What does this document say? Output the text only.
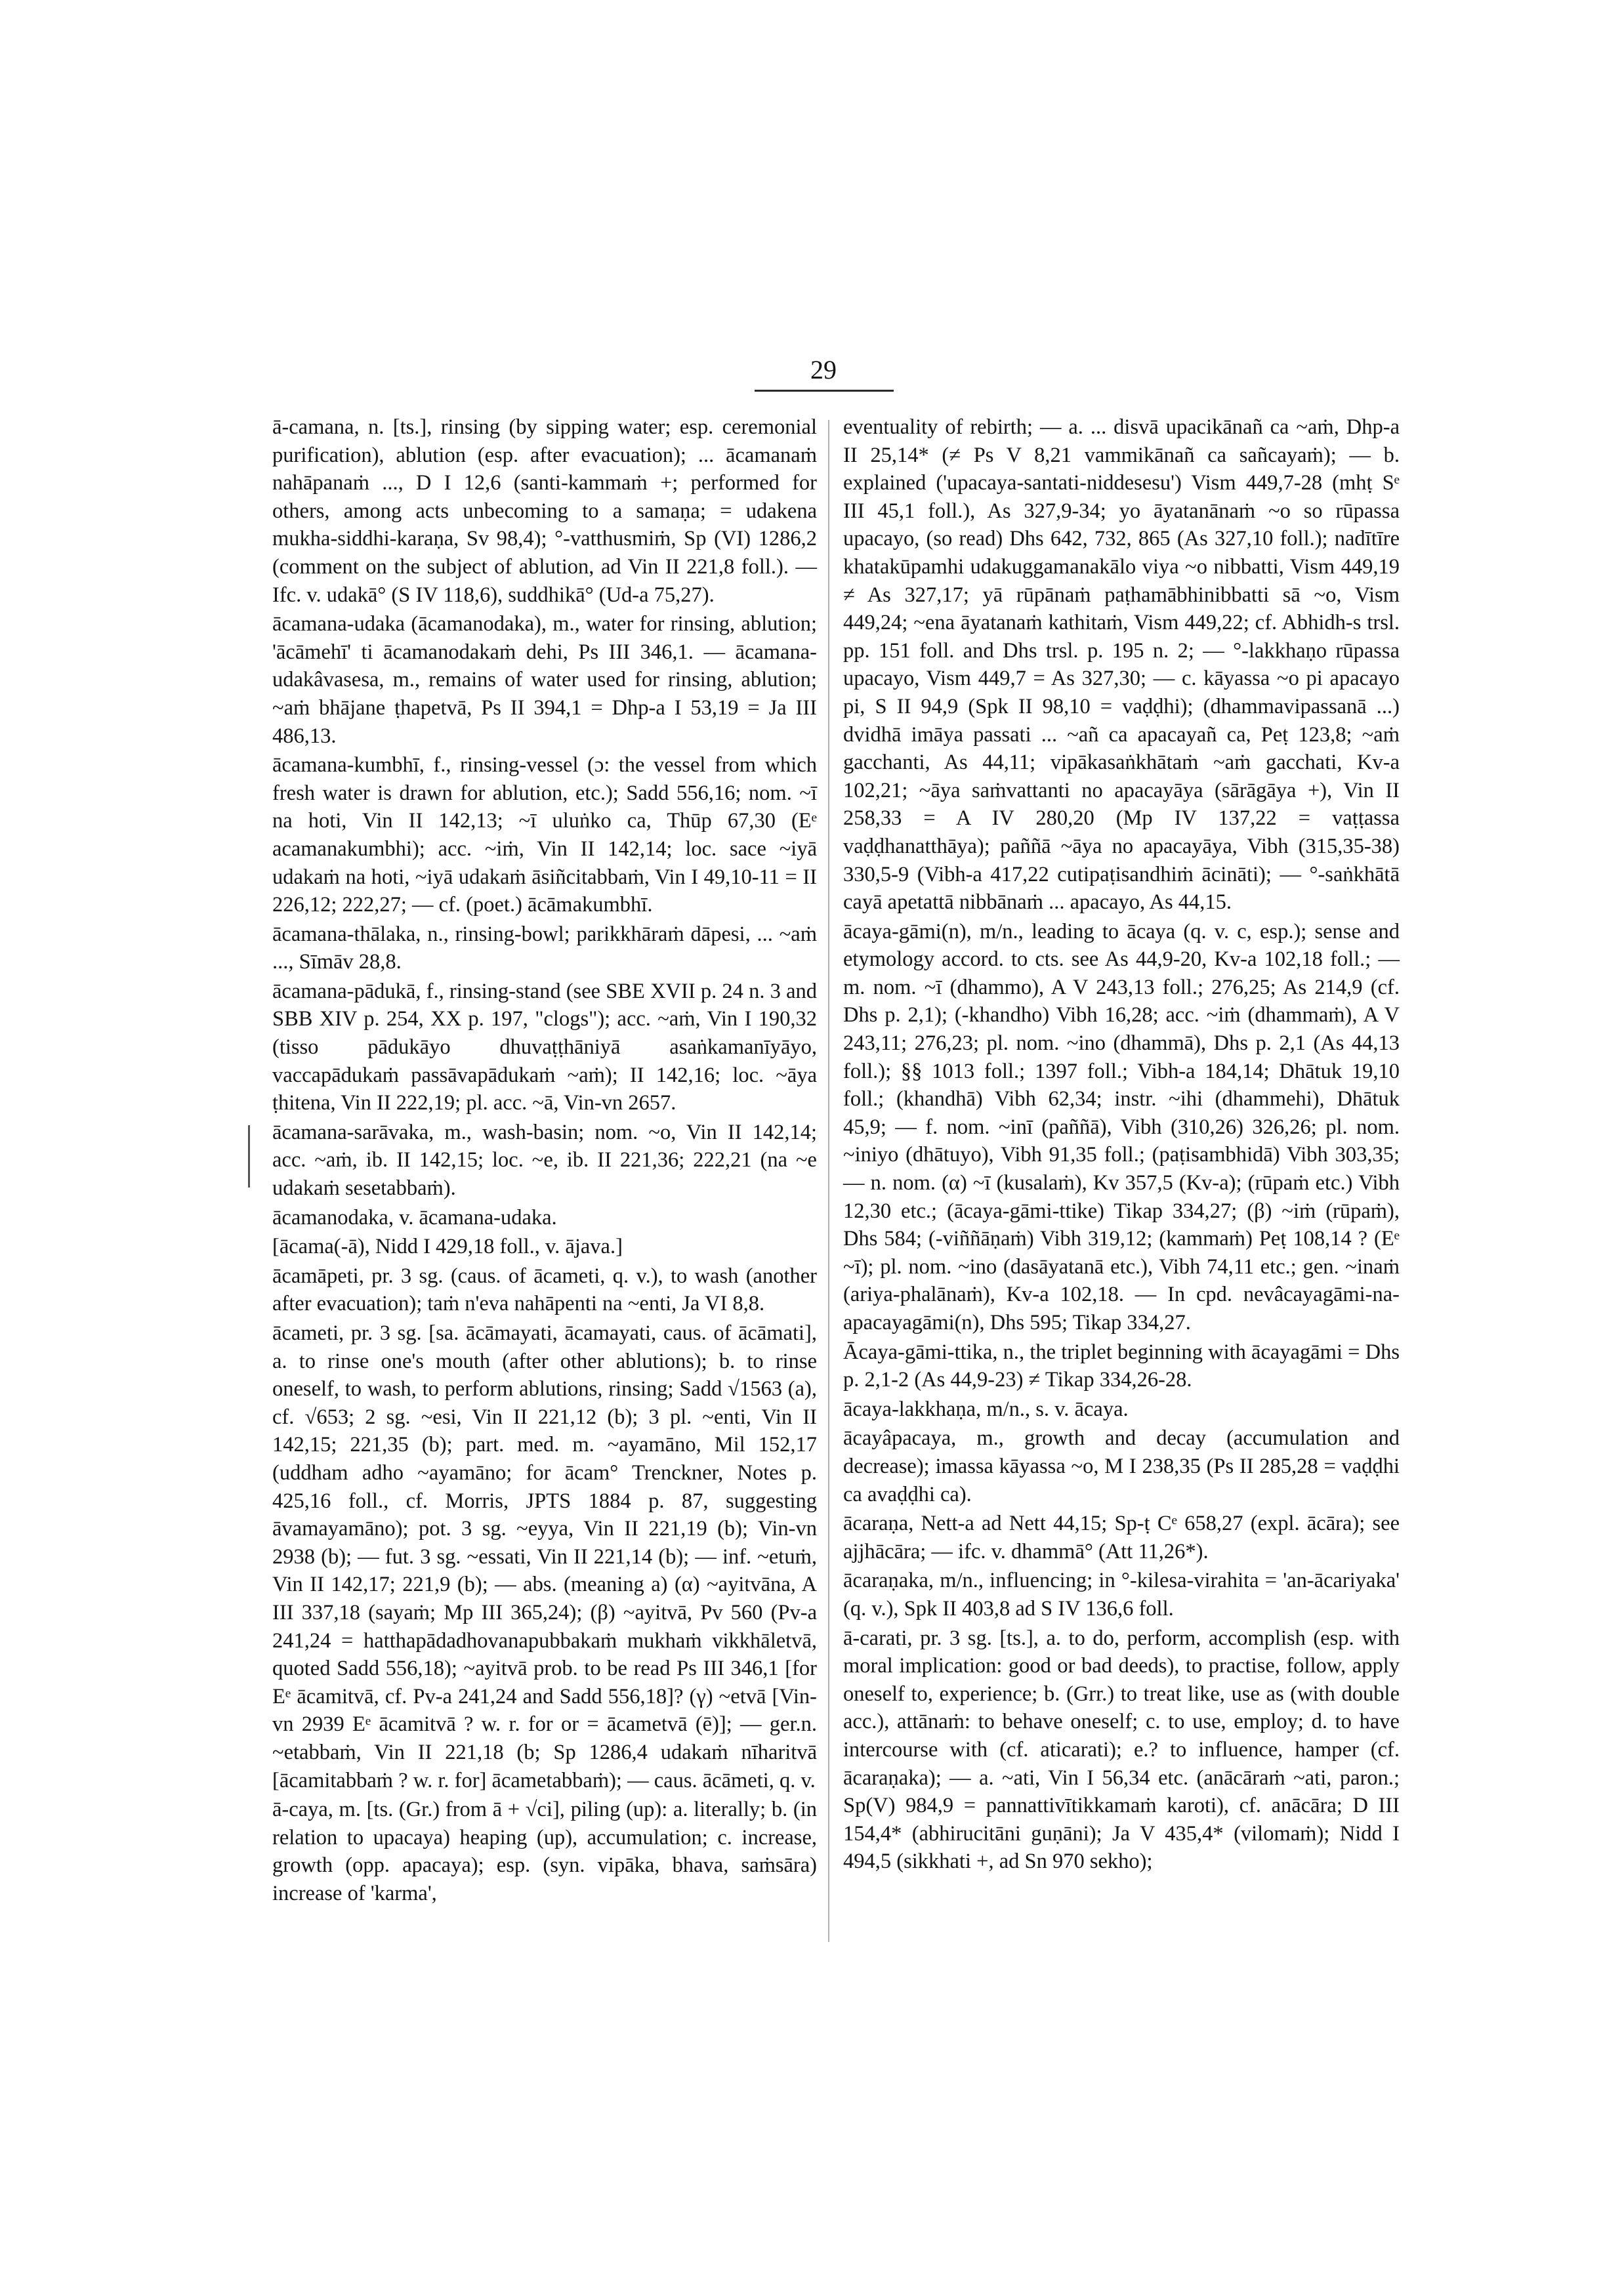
29

ā-camana, n. [ts.], rinsing (by sipping water; esp. ceremonial purification), ablution (esp. after evacuation); ... ācamanaṁ nahāpanaṁ ..., D I 12,6 (santi-kammaṁ +; performed for others, among acts unbecoming to a samaṇa; = udakena mukha-siddhi-karaṇa, Sv 98,4); °-vatthusmiṁ, Sp (VI) 1286,2 (comment on the subject of ablution, ad Vin II 221,8 foll.). — Ifc. v. udakā° (S IV 118,6), suddhikā° (Ud-a 75,27).

ācamana-udaka (ācamanodaka), m., water for rinsing, ablution; 'ācāmehī' ti ācamanodakaṁ dehi, Ps III 346,1. — ācamana-udakâvasesa, m., remains of water used for rinsing, ablution; ~aṁ bhājane ṭhapetvā, Ps II 394,1 = Dhp-a I 53,19 = Ja III 486,13.

ācamana-kumbhī, f., rinsing-vessel (ɔ: the vessel from which fresh water is drawn for ablution, etc.); Sadd 556,16; nom. ~ī na hoti, Vin II 142,13; ~ī uluṅko ca, Thūp 67,30 (Eᵉ acamanakumbhi); acc. ~iṁ, Vin II 142,14; loc. sace ~iyā udakaṁ na hoti, ~iyā udakaṁ āsiñcitabbaṁ, Vin I 49,10-11 = II 226,12; 222,27; — cf. (poet.) ācāmakumbhī.

ācamana-thālaka, n., rinsing-bowl; parikkhāraṁ dāpesi, ... ~aṁ ..., Sīmāv 28,8.

ācamana-pādukā, f., rinsing-stand (see SBE XVII p. 24 n. 3 and SBB XIV p. 254, XX p. 197, "clogs"); acc. ~aṁ, Vin I 190,32 (tisso pādukāyo dhuvaṭṭhāniyā asaṅkamanīyāyo, vaccapādukaṁ passāvapādukaṁ ~aṁ); II 142,16; loc. ~āya ṭhitena, Vin II 222,19; pl. acc. ~ā, Vin-vn 2657.

ācamana-sarāvaka, m., wash-basin; nom. ~o, Vin II 142,14; acc. ~aṁ, ib. II 142,15; loc. ~e, ib. II 221,36; 222,21 (na ~e udakaṁ sesetabbaṁ).

ācamanodaka, v. ācamana-udaka.

[ācama(-ā), Nidd I 429,18 foll., v. ājava.]

ācamāpeti, pr. 3 sg. (caus. of ācameti, q. v.), to wash (another after evacuation); taṁ n'eva nahāpenti na ~enti, Ja VI 8,8.

ācameti, pr. 3 sg. [sa. ācāmayati, ācamayati, caus. of ācāmati], a. to rinse one's mouth (after other ablutions); b. to rinse oneself, to wash, to perform ablutions, rinsing; Sadd √1563 (a), cf. √653; 2 sg. ~esi, Vin II 221,12 (b); 3 pl. ~enti, Vin II 142,15; 221,35 (b); part. med. m. ~ayamāno, Mil 152,17 (uddham adho ~ayamāno; for ācam° Trenckner, Notes p. 425,16 foll., cf. Morris, JPTS 1884 p. 87, suggesting āvamayamāno); pot. 3 sg. ~eyya, Vin II 221,19 (b); Vin-vn 2938 (b); — fut. 3 sg. ~essati, Vin II 221,14 (b); — inf. ~etuṁ, Vin II 142,17; 221,9 (b); — abs. (meaning a) (α) ~ayitvāna, A III 337,18 (sayaṁ; Mp III 365,24); (β) ~ayitvā, Pv 560 (Pv-a 241,24 = hatthapādadhovanapubbakaṁ mukhaṁ vikkhāletvā, quoted Sadd 556,18); ~ayitvā prob. to be read Ps III 346,1 [for Eᵉ ācamitvā, cf. Pv-a 241,24 and Sadd 556,18]? (γ) ~etvā [Vin-vn 2939 Eᵉ ācamitvā ? w. r. for or = ācametvā (ē)]; — ger.n. ~etabbaṁ, Vin II 221,18 (b; Sp 1286,4 udakaṁ nīharitvā [ācamitabbaṁ ? w. r. for] ācametabbaṁ); — caus. ācāmeti, q. v.

ā-caya, m. [ts. (Gr.) from ā + √ci], piling (up): a. literally; b. (in relation to upacaya) heaping (up), accumulation; c. increase, growth (opp. apacaya); esp. (syn. vipāka, bhava, saṁsāra) increase of 'karma',

eventuality of rebirth; — a. ... disvā upacikānañ ca ~aṁ, Dhp-a II 25,14* (≠ Ps V 8,21 vammikānañ ca sañcayaṁ); — b. explained ('upacaya-santati-niddesesu') Vism 449,7-28 (mhṭ Sᵉ III 45,1 foll.), As 327,9-34; yo āyatanānaṁ ~o so rūpassa upacayo, (so read) Dhs 642, 732, 865 (As 327,10 foll.); nadītīre khatakūpamhi udakuggamanakālo viya ~o nibbatti, Vism 449,19 ≠ As 327,17; yā rūpānaṁ paṭhamābhinibbatti sā ~o, Vism 449,24; ~ena āyatanaṁ kathitaṁ, Vism 449,22; cf. Abhidh-s trsl. pp. 151 foll. and Dhs trsl. p. 195 n. 2; — °-lakkhaṇo rūpassa upacayo, Vism 449,7 = As 327,30; — c. kāyassa ~o pi apacayo pi, S II 94,9 (Spk II 98,10 = vaḍḍhi); (dhammavipassanā ...) dvidhā imāya passati ... ~añ ca apacayañ ca, Peṭ 123,8; ~aṁ gacchanti, As 44,11; vipākasaṅkhātaṁ ~aṁ gacchati, Kv-a 102,21; ~āya saṁvattanti no apacayāya (sārāgāya +), Vin II 258,33 = A IV 280,20 (Mp IV 137,22 = vaṭṭassa vaḍḍhanatthāya); paññā ~āya no apacayāya, Vibh (315,35-38) 330,5-9 (Vibh-a 417,22 cutipaṭisandhiṁ ācināti); — °-saṅkhātā cayā apetattā nibbānaṁ ... apacayo, As 44,15.

ācaya-gāmi(n), m/n., leading to ācaya (q. v. c, esp.); sense and etymology accord. to cts. see As 44,9-20, Kv-a 102,18 foll.; — m. nom. ~ī (dhammo), A V 243,13 foll.; 276,25; As 214,9 (cf. Dhs p. 2,1); (-khandho) Vibh 16,28; acc. ~iṁ (dhammaṁ), A V 243,11; 276,23; pl. nom. ~ino (dhammā), Dhs p. 2,1 (As 44,13 foll.); §§ 1013 foll.; 1397 foll.; Vibh-a 184,14; Dhātuk 19,10 foll.; (khandhā) Vibh 62,34; instr. ~ihi (dhammehi), Dhātuk 45,9; — f. nom. ~inī (paññā), Vibh (310,26) 326,26; pl. nom. ~iniyo (dhātuyo), Vibh 91,35 foll.; (paṭisambhidā) Vibh 303,35; — n. nom. (α) ~ī (kusalaṁ), Kv 357,5 (Kv-a); (rūpaṁ etc.) Vibh 12,30 etc.; (ācaya-gāmi-ttike) Tikap 334,27; (β) ~iṁ (rūpaṁ), Dhs 584; (-viññāṇaṁ) Vibh 319,12; (kammaṁ) Peṭ 108,14 ? (Eᵉ ~ī); pl. nom. ~ino (dasāyatanā etc.), Vibh 74,11 etc.; gen. ~inaṁ (ariya-phalānaṁ), Kv-a 102,18. — In cpd. nevâcayagāmi-na-apacayagāmi(n), Dhs 595; Tikap 334,27.

Ācaya-gāmi-ttika, n., the triplet beginning with ācayagāmi = Dhs p. 2,1-2 (As 44,9-23) ≠ Tikap 334,26-28.

ācaya-lakkhaṇa, m/n., s. v. ācaya.

ācayâpacaya, m., growth and decay (accumulation and decrease); imassa kāyassa ~o, M I 238,35 (Ps II 285,28 = vaḍḍhi ca avaḍḍhi ca).

ācaraṇa, Nett-a ad Nett 44,15; Sp-ṭ Cᵉ 658,27 (expl. ācāra); see ajjhācāra; — ifc. v. dhammā° (Att 11,26*).

ācaraṇaka, m/n., influencing; in °-kilesa-virahita = 'an-ācariyaka' (q. v.), Spk II 403,8 ad S IV 136,6 foll.

ā-carati, pr. 3 sg. [ts.], a. to do, perform, accomplish (esp. with moral implication: good or bad deeds), to practise, follow, apply oneself to, experience; b. (Grr.) to treat like, use as (with double acc.), attānaṁ: to behave oneself; c. to use, employ; d. to have intercourse with (cf. aticarati); e.? to influence, hamper (cf. ācaraṇaka); — a. ~ati, Vin I 56,34 etc. (anācāraṁ ~ati, paron.; Sp(V) 984,9 = pannattivītikkamaṁ karoti), cf. anācāra; D III 154,4* (abhirucitāni guṇāni); Ja V 435,4* (vilomaṁ); Nidd I 494,5 (sikkhati +, ad Sn 970 sekho);
